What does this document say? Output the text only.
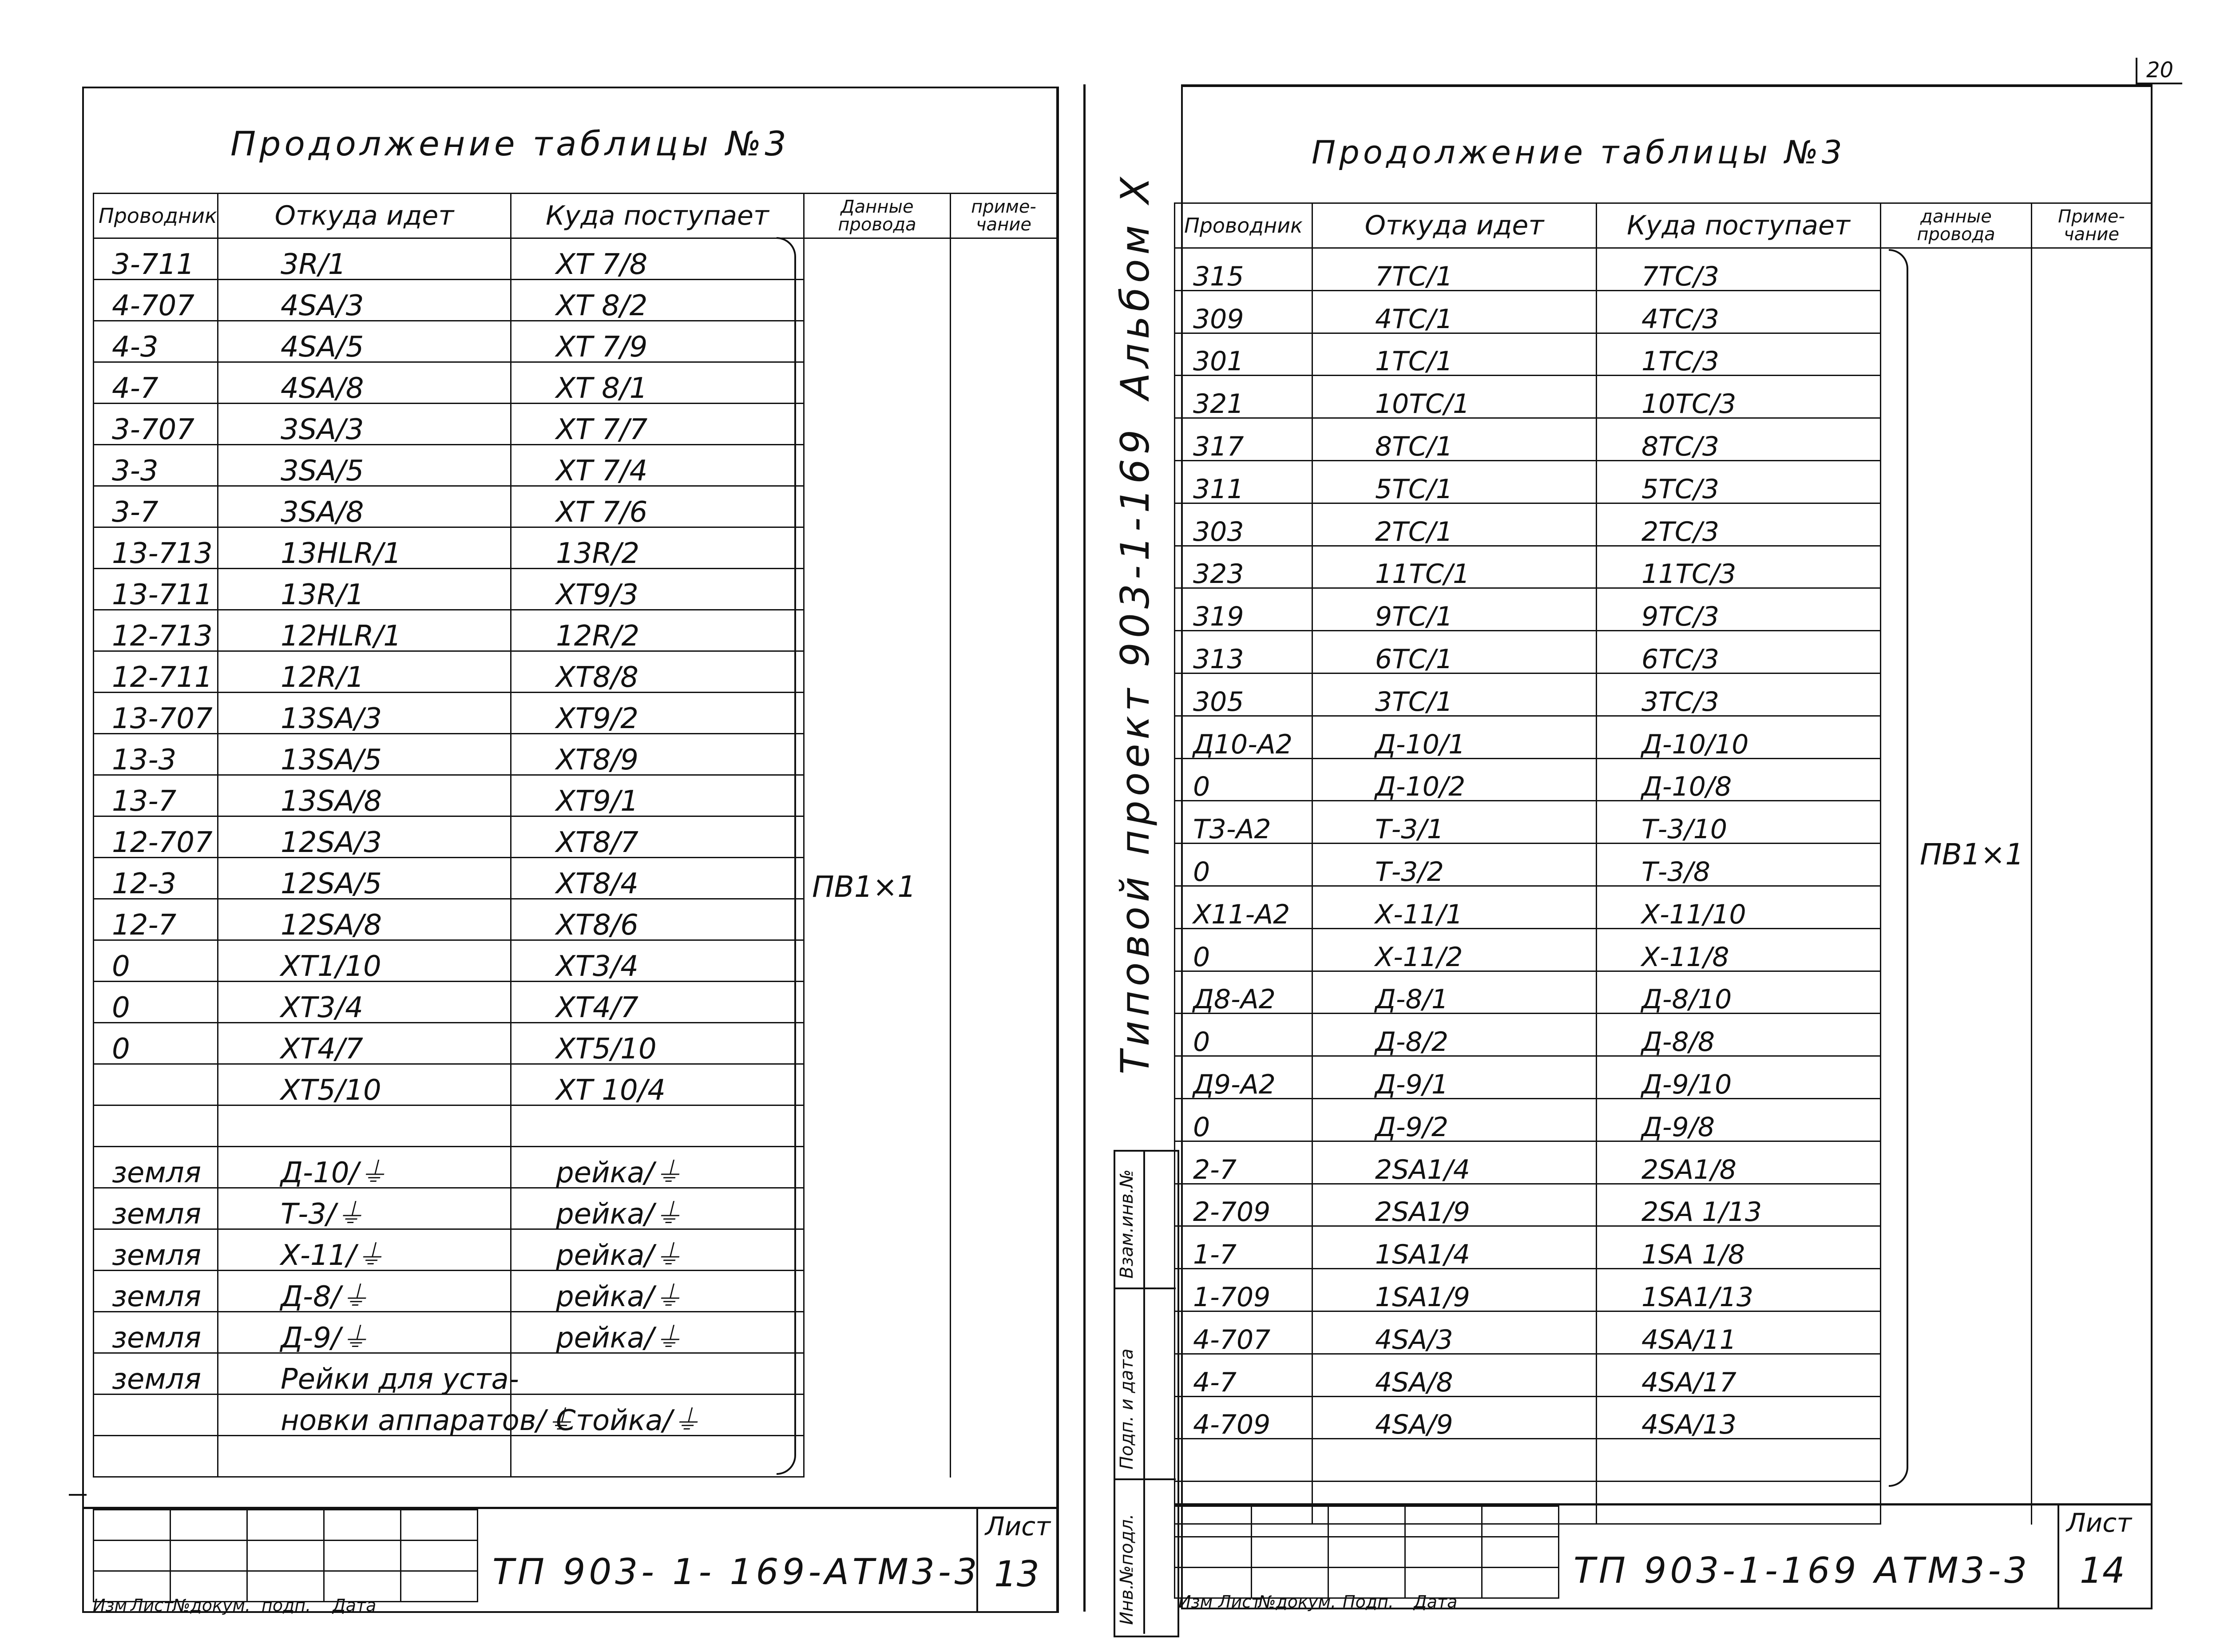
20
Продолжение таблицы №3
Проводник	Откуда идет	Куда поступает	Данные провода	приме- чание
3-711	3R/1	XT 7/8		
4-707	4SA/3	XT 8/2		
4-3	4SA/5	XT 7/9		
4-7	4SA/8	XT 8/1		
3-707	3SA/3	XT 7/7		
3-3	3SA/5	XT 7/4		
3-7	3SA/8	XT 7/6		
13-713	13HLR/1	13R/2		
13-711	13R/1	XT9/3		
12-713	12HLR/1	12R/2		
12-711	12R/1	XT8/8		
13-707	13SA/3	XT9/2		
13-3	13SA/5	XT8/9		
13-7	13SA/8	XT9/1		
12-707	12SA/3	XT8/7		
12-3	12SA/5	XT8/4		
12-7	12SA/8	XT8/6		
0	XT1/10	XT3/4		
0	XT3/4	XT4/7		
0	XT4/7	XT5/10		
	XT5/10	XT 10/4		

земля	Д-10/⏚	рейка/⏚		
земля	Т-3/⏚	рейка/⏚		
земля	Х-11/⏚	рейка/⏚		
земля	Д-8/⏚	рейка/⏚		
земля	Д-9/⏚	рейка/⏚		
земля	Рейки для уста-			
	новки аппаратов/⏚	Стойка/⏚		

ПВ1×1

Изм Лист
№докум. подп. Дата
ТП 903- 1- 169-АТМ3-3
Лист
13
Продолжение таблицы №3
Проводник	Откуда идет	Куда поступает	данные провода	Приме- чание
315	7TC/1	7TC/3		
309	4TC/1	4TC/3		
301	1TC/1	1TC/3		
321	10TC/1	10TC/3		
317	8TC/1	8TC/3		
311	5TC/1	5TC/3		
303	2TC/1	2TC/3		
323	11TC/1	11TC/3		
319	9TC/1	9TC/3		
313	6TC/1	6TC/3		
305	3TC/1	3TC/3		
Д10-А2	Д-10/1	Д-10/10		
0	Д-10/2	Д-10/8		
Т3-А2	Т-3/1	Т-3/10		
0	Т-3/2	Т-3/8		
Х11-А2	Х-11/1	Х-11/10		
0	Х-11/2	Х-11/8		
Д8-А2	Д-8/1	Д-8/10		
0	Д-8/2	Д-8/8		
Д9-А2	Д-9/1	Д-9/10		
0	Д-9/2	Д-9/8		
2-7	2SA1/4	2SA1/8		
2-709	2SA1/9	2SA 1/13		
1-7	1SA1/4	1SA 1/8		
1-709	1SA1/9	1SA1/13		
4-707	4SA/3	4SA/11		
4-7	4SA/8	4SA/17		
4-709	4SA/9	4SA/13		

ПВ1×1

Изм Лист
№докум. Подп. Дата
ТП 903-1-169 АТМ3-3
Лист
14
Альбом X
Типовой проект 903-1-169
Взам.инв.№
Подп. и дата
Инв.№подл.
